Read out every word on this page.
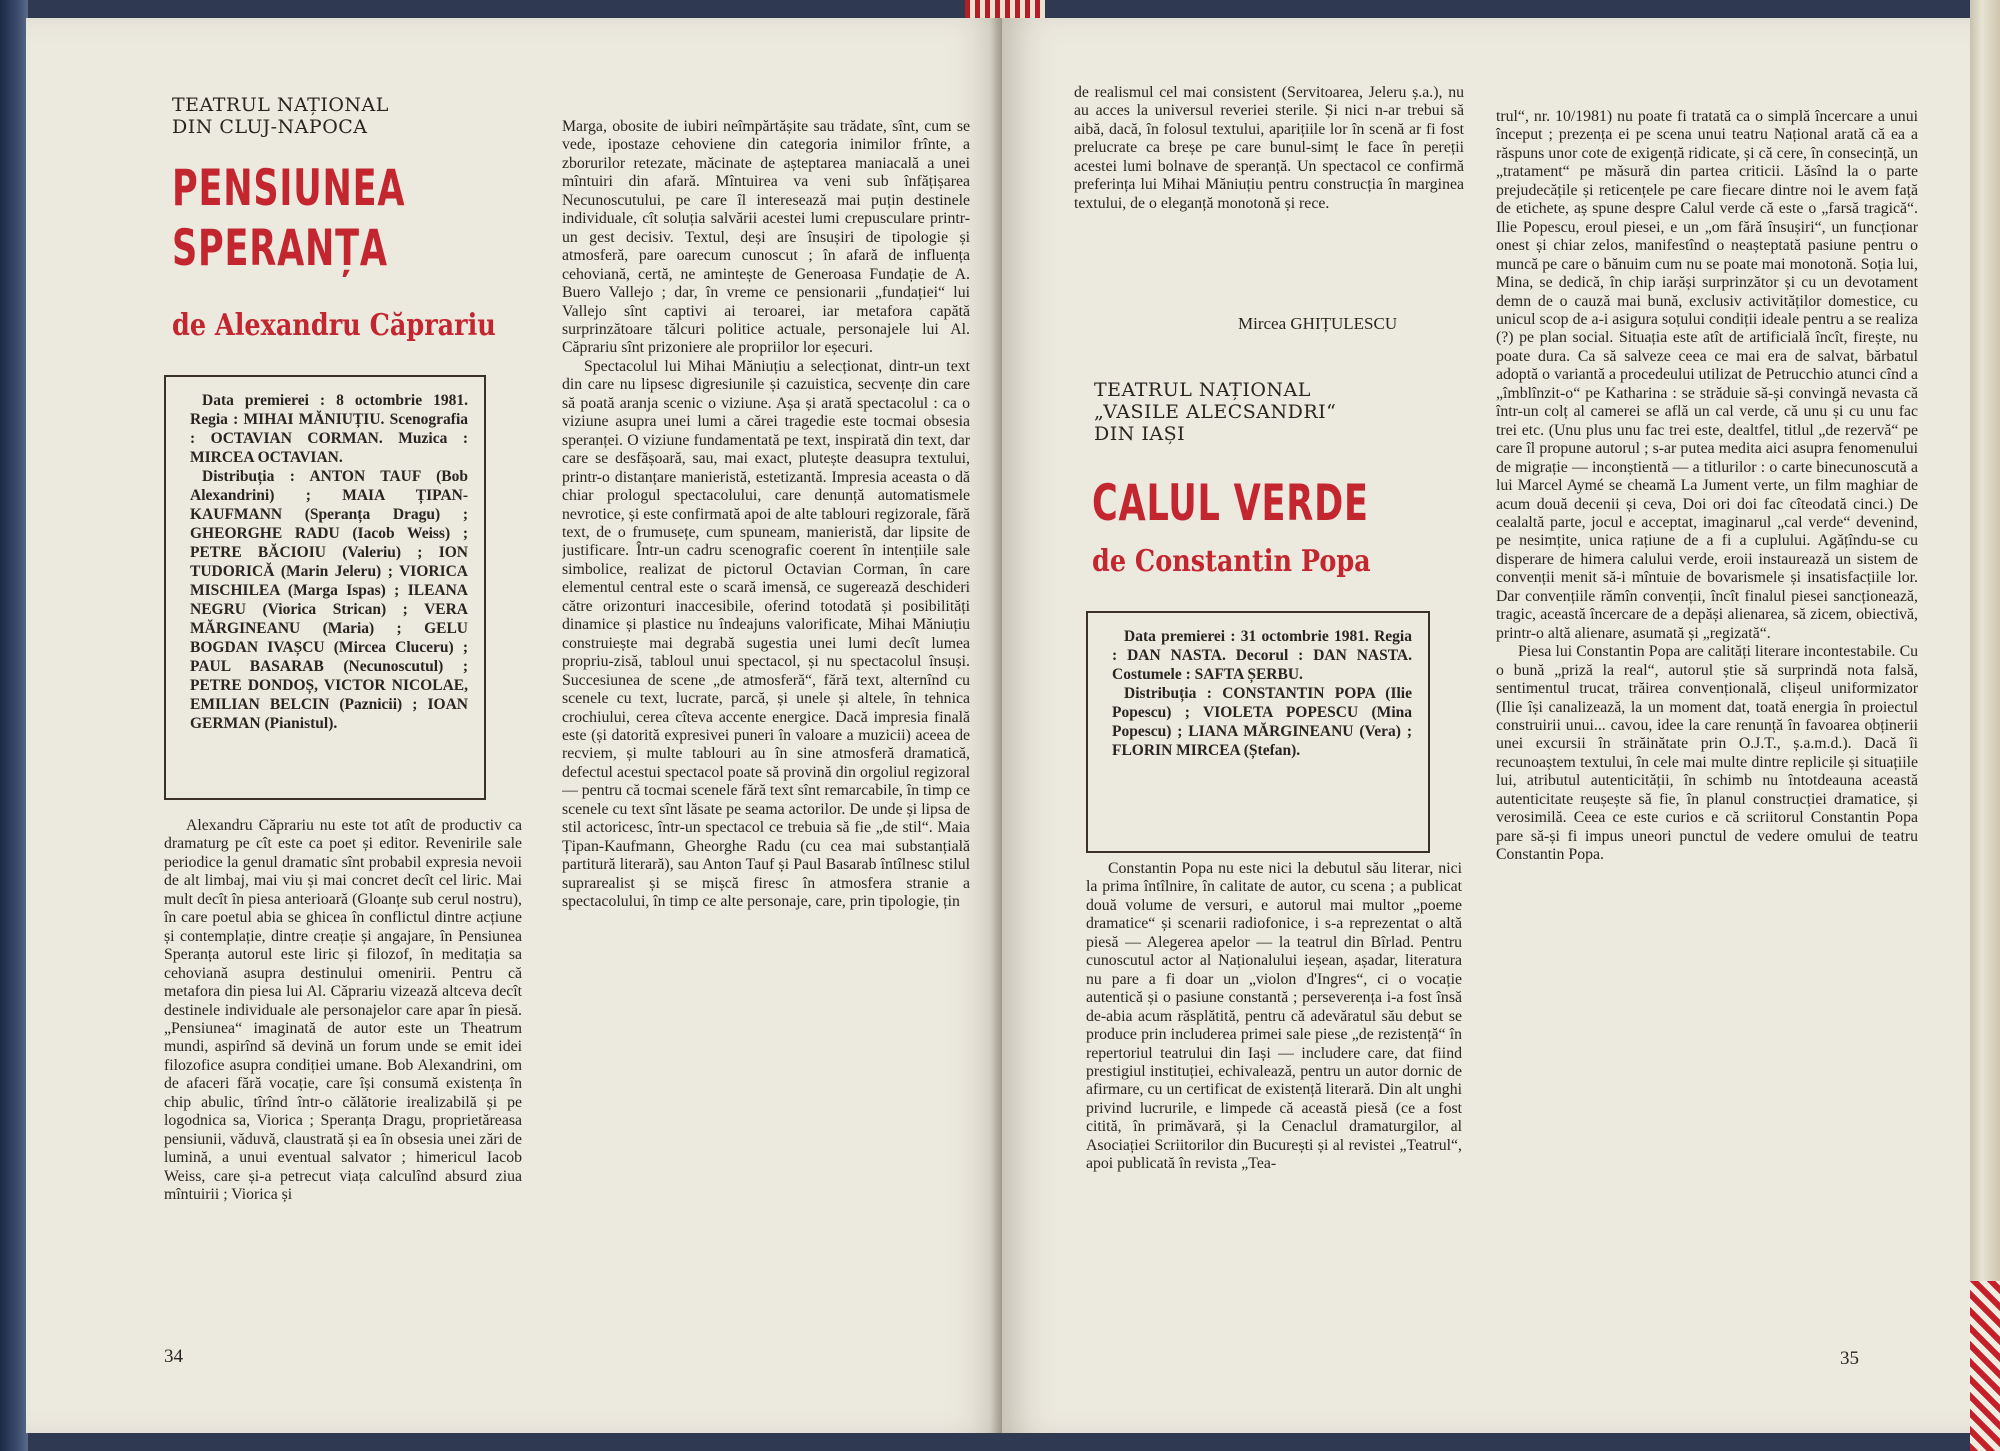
TEATRUL NAȚIONAL
DIN CLUJ-NAPOCA
PENSIUNEA
SPERANȚA
de Alexandru Căprariu

Data premierei : 8 octombrie 1981. Regia : MIHAI MĂNIUȚIU. Scenografia : OCTAVIAN CORMAN. Muzica : MIRCEA OCTAVIAN.

Distribuția : ANTON TAUF (Bob Alexandrini) ; MAIA ȚIPAN-KAUFMANN (Speranța Dragu) ; GHEORGHE RADU (Iacob Weiss) ; PETRE BĂCIOIU (Valeriu) ; ION TUDORICĂ (Marin Jeleru) ; VIORICA MISCHILEA (Marga Ispas) ; ILEANA NEGRU (Viorica Strican) ; VERA MĂRGINEANU (Maria) ; GELU BOGDAN IVAȘCU (Mircea Cluceru) ; PAUL BASARAB (Necunoscutul) ; PETRE DONDOȘ, VICTOR NICOLAE, EMILIAN BELCIN (Paznicii) ; IOAN GERMAN (Pianistul).

Alexandru Căprariu nu este tot atît de productiv ca dramaturg pe cît este ca poet și editor. Revenirile sale periodice la genul dramatic sînt probabil expresia nevoii de alt limbaj, mai viu și mai concret decît cel liric. Mai mult decît în piesa anterioară (Gloanțe sub cerul nostru), în care poetul abia se ghicea în conflictul dintre acțiune și contemplație, dintre creație și angajare, în Pensiunea Speranța autorul este liric și filozof, în meditația sa cehoviană asupra destinului omenirii. Pentru că metafora din piesa lui Al. Căprariu vizează altceva decît destinele individuale ale personajelor care apar în piesă. „Pensiunea“ imaginată de autor este un Theatrum mundi, aspirînd să devină un forum unde se emit idei filozofice asupra condiției umane. Bob Alexandrini, om de afaceri fără vocație, care își consumă existența în chip abulic, tîrînd într-o călătorie irealizabilă și pe logodnica sa, Viorica ; Speranța Dragu, proprietăreasa pensiunii, văduvă, claustrată și ea în obsesia unei zări de lumină, a unui eventual salvator ; himericul Iacob Weiss, care și-a petrecut viața calculînd absurd ziua mîntuirii ; Viorica și

Marga, obosite de iubiri neîmpărtășite sau trădate, sînt, cum se vede, ipostaze cehoviene din categoria inimilor frînte, a zborurilor retezate, măcinate de așteptarea maniacală a unei mîntuiri din afară. Mîntuirea va veni sub înfățișarea Necunoscutului, pe care îl interesează mai puțin destinele individuale, cît soluția salvării acestei lumi crepusculare printr-un gest decisiv. Textul, deși are însușiri de tipologie și atmosferă, pare oarecum cunoscut ; în afară de influența cehoviană, certă, ne amintește de Generoasa Fundație de A. Buero Vallejo ; dar, în vreme ce pensionarii „fundației“ lui Vallejo sînt captivi ai teroarei, iar metafora capătă surprinzătoare tălcuri politice actuale, personajele lui Al. Căprariu sînt prizoniere ale propriilor lor eșecuri.

Spectacolul lui Mihai Măniuțiu a selecționat, dintr-un text din care nu lipsesc digresiunile și cazuistica, secvențe din care să poată aranja scenic o viziune. Așa și arată spectacolul : ca o viziune asupra unei lumi a cărei tragedie este tocmai obsesia speranței. O viziune fundamentată pe text, inspirată din text, dar care se desfășoară, sau, mai exact, plutește deasupra textului, printr-o distanțare manieristă, estetizantă. Impresia aceasta o dă chiar prologul spectacolului, care denunță automatismele nevrotice, și este confirmată apoi de alte tablouri regizorale, fără text, de o frumusețe, cum spuneam, manieristă, dar lipsite de justificare. Într-un cadru scenografic coerent în intențiile sale simbolice, realizat de pictorul Octavian Corman, în care elementul central este o scară imensă, ce sugerează deschideri către orizonturi inaccesibile, oferind totodată și posibilități dinamice și plastice nu îndeajuns valorificate, Mihai Măniuțiu construiește mai degrabă sugestia unei lumi decît lumea propriu-zisă, tabloul unui spectacol, și nu spectacolul însuși. Succesiunea de scene „de atmosferă“, fără text, alternînd cu scenele cu text, lucrate, parcă, și unele și altele, în tehnica crochiului, cerea cîteva accente energice. Dacă impresia finală este (și datorită expresivei puneri în valoare a muzicii) aceea de recviem, și multe tablouri au în sine atmosferă dramatică, defectul acestui spectacol poate să provină din orgoliul regizoral — pentru că tocmai scenele fără text sînt remarcabile, în timp ce scenele cu text sînt lăsate pe seama actorilor. De unde și lipsa de stil actoricesc, într-un spectacol ce trebuia să fie „de stil“. Maia Țipan-Kaufmann, Gheorghe Radu (cu cea mai substanțială partitură literară), sau Anton Tauf și Paul Basarab întîlnesc stilul suprarealist și se mișcă firesc în atmosfera stranie a spectacolului, în timp ce alte personaje, care, prin tipologie, țin

34

de realismul cel mai consistent (Servitoarea, Jeleru ș.a.), nu au acces la universul reveriei sterile. Și nici n-ar trebui să aibă, dacă, în folosul textului, aparițiile lor în scenă ar fi fost prelucrate ca breșe pe care bunul-simț le face în pereții acestei lumi bolnave de speranță. Un spectacol ce confirmă preferința lui Mihai Măniuțiu pentru construcția în marginea textului, de o eleganță monotonă și rece.

Mircea GHIȚULESCU
TEATRUL NAȚIONAL
„VASILE ALECSANDRI“
DIN IAȘI
CALUL VERDE
de Constantin Popa

Data premierei : 31 octombrie 1981. Regia : DAN NASTA. Decorul : DAN NASTA. Costumele : SAFTA ȘERBU.

Distribuția : CONSTANTIN POPA (Ilie Popescu) ; VIOLETA POPESCU (Mina Popescu) ; LIANA MĂRGINEANU (Vera) ; FLORIN MIRCEA (Ștefan).

Constantin Popa nu este nici la debutul său literar, nici la prima întîlnire, în calitate de autor, cu scena ; a publicat două volume de versuri, e autorul mai multor „poeme dramatice“ și scenarii radiofonice, i s-a reprezentat o altă piesă — Alegerea apelor — la teatrul din Bîrlad. Pentru cunoscutul actor al Naționalului ieșean, așadar, literatura nu pare a fi doar un „violon d'Ingres“, ci o vocație autentică și o pasiune constantă ; perseverența i-a fost însă de-abia acum răsplătită, pentru că adevăratul său debut se produce prin includerea primei sale piese „de rezistență“ în repertoriul teatrului din Iași — includere care, dat fiind prestigiul instituției, echivalează, pentru un autor dornic de afirmare, cu un certificat de existență literară. Din alt unghi privind lucrurile, e limpede că această piesă (ce a fost citită, în primăvară, și la Cenaclul dramaturgilor, al Asociației Scriitorilor din București și al revistei „Teatrul“, apoi publicată în revista „Tea-

trul“, nr. 10/1981) nu poate fi tratată ca o simplă încercare a unui început ; prezența ei pe scena unui teatru Național arată că ea a răspuns unor cote de exigență ridicate, și că cere, în consecință, un „tratament“ pe măsură din partea criticii. Lăsînd la o parte prejudecățile și reticențele pe care fiecare dintre noi le avem față de etichete, aș spune despre Calul verde că este o „farsă tragică“. Ilie Popescu, eroul piesei, e un „om fără însușiri“, un funcționar onest și chiar zelos, manifestînd o neașteptată pasiune pentru o muncă pe care o bănuim cum nu se poate mai monotonă. Soția lui, Mina, se dedică, în chip iarăși surprinzător și cu un devotament demn de o cauză mai bună, exclusiv activităților domestice, cu unicul scop de a-i asigura soțului condiții ideale pentru a se realiza (?) pe plan social. Situația este atît de artificială încît, firește, nu poate dura. Ca să salveze ceea ce mai era de salvat, bărbatul adoptă o variantă a procedeului utilizat de Petrucchio atunci cînd a „îmblînzit-o“ pe Katharina : se străduie să-și convingă nevasta că într-un colț al camerei se află un cal verde, că unu și cu unu fac trei etc. (Unu plus unu fac trei este, dealtfel, titlul „de rezervă“ pe care îl propune autorul ; s-ar putea medita aici asupra fenomenului de migrație — inconștientă — a titlurilor : o carte binecunoscută a lui Marcel Aymé se cheamă La Jument verte, un film maghiar de acum două decenii și ceva, Doi ori doi fac cîteodată cinci.) De cealaltă parte, jocul e acceptat, imaginarul „cal verde“ devenind, pe nesimțite, unica rațiune de a fi a cuplului. Agățîndu-se cu disperare de himera calului verde, eroii instaurează un sistem de convenții menit să-i mîntuie de bovarismele și insatisfacțiile lor. Dar convențiile rămîn convenții, încît finalul piesei sancționează, tragic, această încercare de a depăși alienarea, să zicem, obiectivă, printr-o altă alienare, asumată și „regizată“.

Piesa lui Constantin Popa are calități literare incontestabile. Cu o bună „priză la real“, autorul știe să surprindă nota falsă, sentimentul trucat, trăirea convențională, clișeul uniformizator (Ilie își canalizează, la un moment dat, toată energia în proiectul construirii unui... cavou, idee la care renunță în favoarea obținerii unei excursii în străinătate prin O.J.T., ș.a.m.d.). Dacă îi recunoaștem textului, în cele mai multe dintre replicile și situațiile lui, atributul autenticității, în schimb nu întotdeauna această autenticitate reușește să fie, în planul construcției dramatice, și verosimilă. Ceea ce este curios e că scriitorul Constantin Popa pare să-și fi impus uneori punctul de vedere omului de teatru Constantin Popa.

35
